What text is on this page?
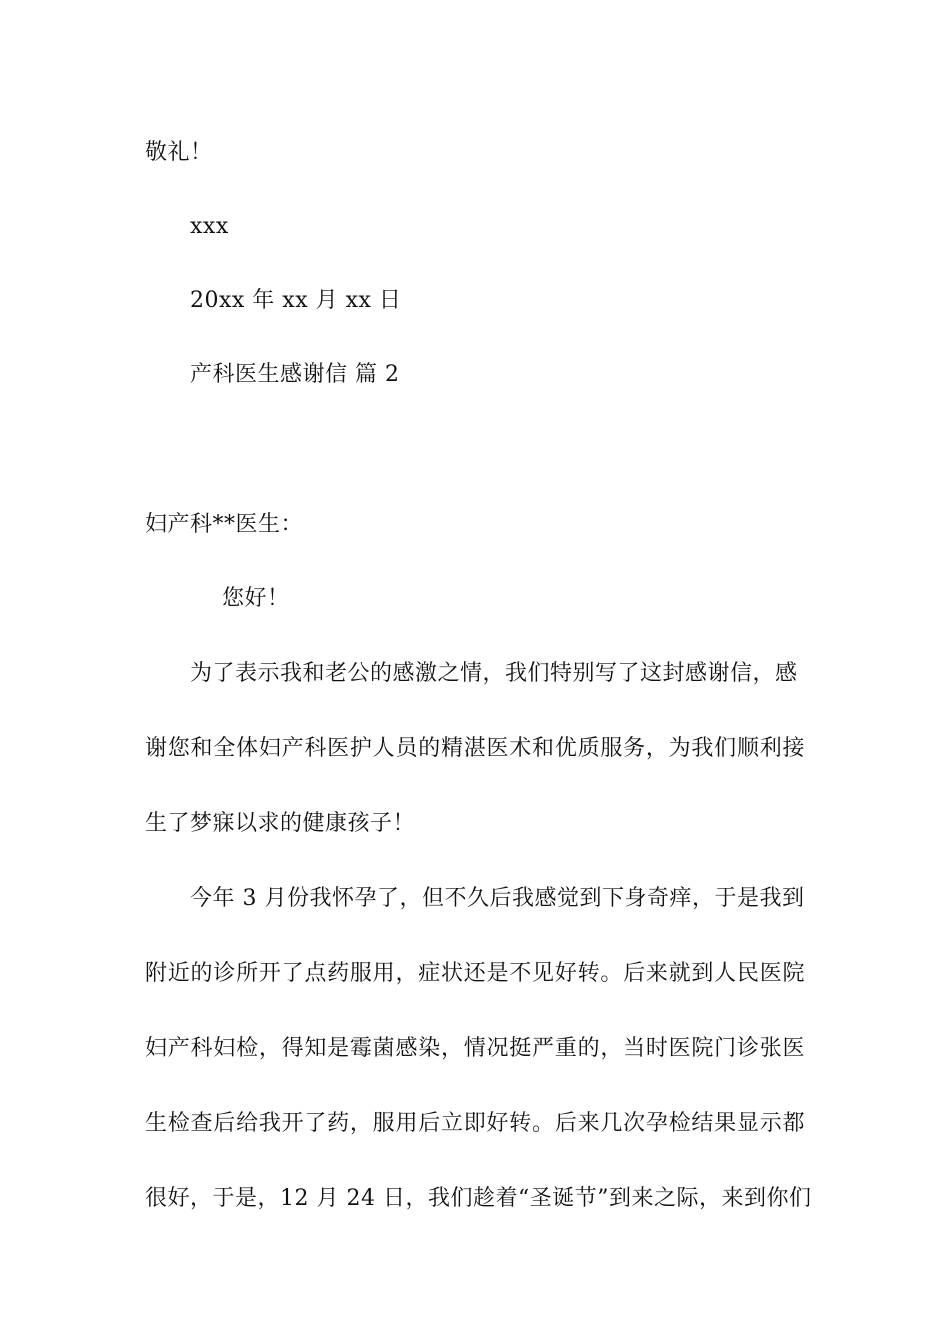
敬礼！
xxx
20xx 年 xx 月 xx 日
产科医生感谢信 篇 2
妇产科**医生：
您好！
为了表示我和老公的感激之情，我们特别写了这封感谢信，感
谢您和全体妇产科医护人员的精湛医术和优质服务，为我们顺利接
生了梦寐以求的健康孩子！
今年 3 月份我怀孕了，但不久后我感觉到下身奇痒，于是我到
附近的诊所开了点药服用，症状还是不见好转。后来就到人民医院
妇产科妇检，得知是霉菌感染，情况挺严重的，当时医院门诊张医
生检查后给我开了药，服用后立即好转。后来几次孕检结果显示都
很好，于是，12 月 24 日，我们趁着“圣诞节”到来之际，来到你们
